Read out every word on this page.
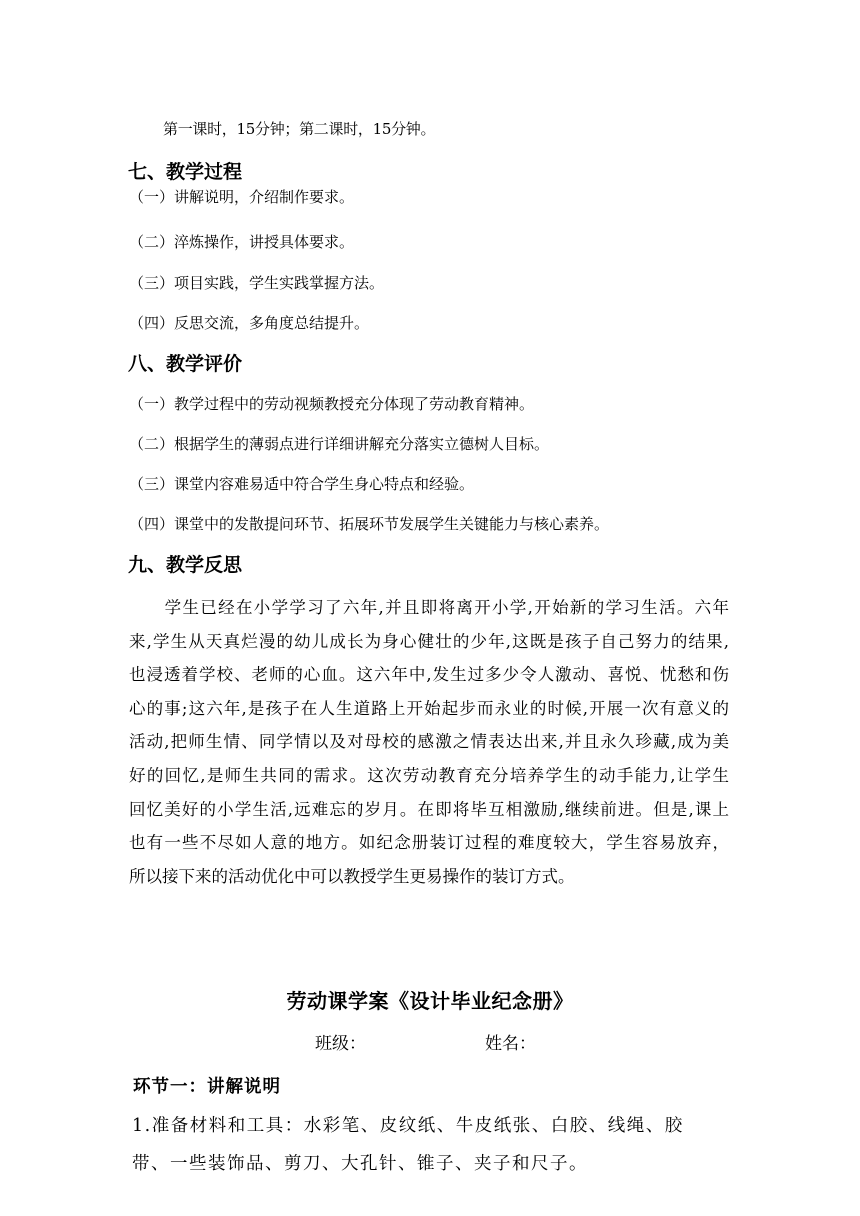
第一课时，15分钟；第二课时，15分钟。
七、教学过程
（一）讲解说明，介绍制作要求。
（二）淬炼操作，讲授具体要求。
（三）项目实践，学生实践掌握方法。
（四）反思交流，多角度总结提升。
八、教学评价
（一）教学过程中的劳动视频教授充分体现了劳动教育精神。
（二）根据学生的薄弱点进行详细讲解充分落实立德树人目标。
（三）课堂内容难易适中符合学生身心特点和经验。
（四）课堂中的发散提问环节、拓展环节发展学生关键能力与核心素养。
九、教学反思

　　学生已经在小学学习了六年,并且即将离开小学,开始新的学习生活。六年

来,学生从天真烂漫的幼儿成长为身心健壮的少年,这既是孩子自己努力的结果,

也浸透着学校、老师的心血。这六年中,发生过多少令人激动、喜悦、忧愁和伤

心的事;这六年,是孩子在人生道路上开始起步而永业的时候,开展一次有意义的

活动,把师生情、同学情以及对母校的感激之情表达出来,并且永久珍藏,成为美

好的回忆,是师生共同的需求。这次劳动教育充分培养学生的动手能力,让学生

回忆美好的小学生活,远难忘的岁月。在即将毕互相激励,继续前进。但是,课上

也有一些不尽如人意的地方。如纪念册装订过程的难度较大，学生容易放弃，

所以接下来的活动优化中可以教授学生更易操作的装订方式。

劳动课学案《设计毕业纪念册》
班级：	姓名：
环节一：讲解说明

1.准备材料和工具：水彩笔、皮纹纸、牛皮纸张、白胶、线绳、胶

带、一些装饰品、剪刀、大孔针、锥子、夹子和尺子。
